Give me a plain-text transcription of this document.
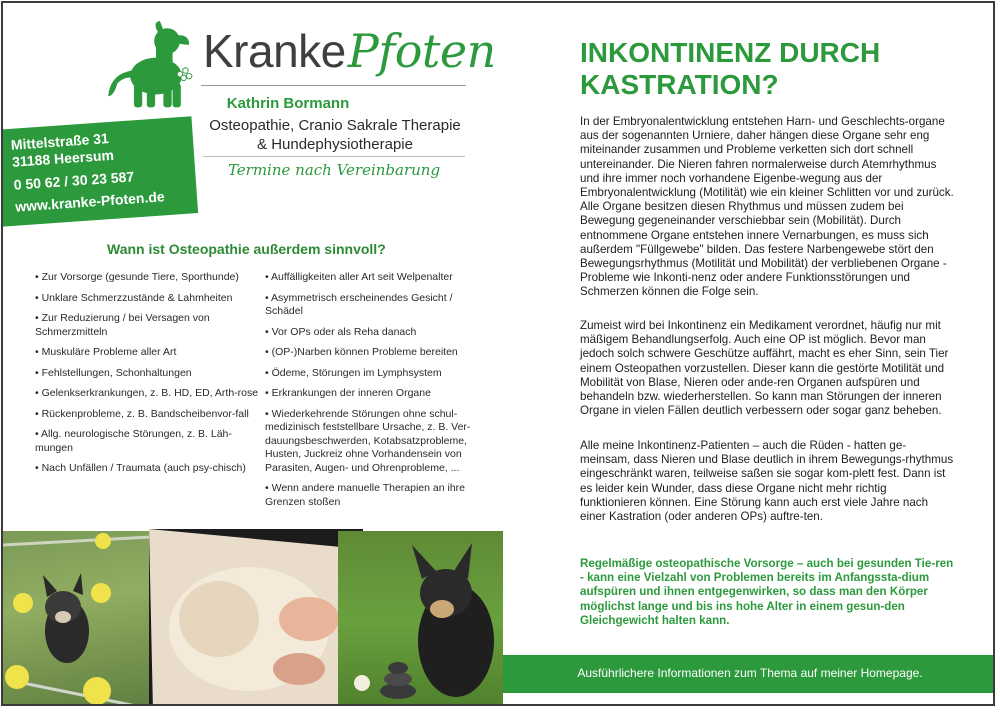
KrankePfoten
Kathrin Bormann
Osteopathie, Cranio Sakrale Therapie
& Hundephysiotherapie
Termine nach Vereinbarung
Mittelstraße 31
31188 Heersum
0 50 62 / 30 23 587
www.kranke-Pfoten.de
Wann ist Osteopathie außerdem sinnvoll?
• Zur Vorsorge (gesunde Tiere, Sporthunde)
• Unklare Schmerzzustände & Lahmheiten
• Zur Reduzierung / bei Versagen von Schmerzmitteln
• Muskuläre Probleme aller Art
• Fehlstellungen, Schonhaltungen
• Gelenkserkrankungen, z. B. HD, ED, Arth-rose
• Rückenprobleme, z. B. Bandscheibenvor-fall
• Allg. neurologische Störungen, z. B. Läh-mungen
• Nach Unfällen / Traumata (auch psy-chisch)
• Auffälligkeiten aller Art seit Welpenalter
• Asymmetrisch erscheinendes Gesicht / Schädel
• Vor OPs oder als Reha danach
• (OP-)Narben können Probleme bereiten
• Ödeme, Störungen im Lymphsystem
• Erkrankungen der inneren Organe
• Wiederkehrende Störungen ohne schul-medizinisch feststellbare Ursache, z. B. Ver-dauungsbeschwerden, Kotabsatzprobleme, Husten, Juckreiz ohne Vorhandensein von Parasiten, Augen- und Ohrenprobleme, ...
• Wenn andere manuelle Therapien an ihre Grenzen stoßen
INKONTINENZ DURCH KASTRATION?
In der Embryonalentwicklung entstehen Harn- und Geschlechts-organe aus der sogenannten Urniere, daher hängen diese Organe sehr eng miteinander zusammen und Probleme verketten sich dort schnell untereinander. Die Nieren fahren normalerweise durch Atemrhythmus und ihre immer noch vorhandene Eigenbe-wegung aus der Embryonalentwicklung (Motilität) wie ein kleiner Schlitten vor und zurück. Alle Organe besitzen diesen Rhythmus und müssen zudem bei Bewegung gegeneinander verschiebbar sein (Mobilität). Durch entnommene Organe entstehen innere Vernarbungen, es muss sich außerdem "Füllgewebe" bilden. Das festere Narbengewebe stört den Bewegungsrhythmus (Motilität und Mobilität) der verbliebenen Organe - Probleme wie Inkonti-nenz oder andere Funktionsstörungen und Schmerzen können die Folge sein.
Zumeist wird bei Inkontinenz ein Medikament verordnet, häufig nur mit mäßigem Behandlungserfolg. Auch eine OP ist möglich. Bevor man jedoch solch schwere Geschütze auffährt, macht es eher Sinn, sein Tier einem Osteopathen vorzustellen. Dieser kann die gestörte Motilität und Mobilität von Blase, Nieren oder ande-ren Organen aufspüren und behandeln bzw. wiederherstellen. So kann man Störungen der inneren Organe in vielen Fällen deutlich verbessern oder sogar ganz beheben.
Alle meine Inkontinenz-Patienten – auch die Rüden - hatten ge-meinsam, dass Nieren und Blase deutlich in ihrem Bewegungs-rhythmus eingeschränkt waren, teilweise saßen sie sogar kom-plett fest. Dann ist es leider kein Wunder, dass diese Organe nicht mehr richtig funktionieren können. Eine Störung kann auch erst viele Jahre nach einer Kastration (oder anderen OPs) auftre-ten.
Regelmäßige osteopathische Vorsorge – auch bei gesunden Tie-ren - kann eine Vielzahl von Problemen bereits im Anfangssta-dium aufspüren und ihnen entgegenwirken, so dass man den Körper möglichst lange und bis ins hohe Alter in einem gesun-den Gleichgewicht halten kann.
Ausführlichere Informationen zum Thema auf meiner Homepage.
